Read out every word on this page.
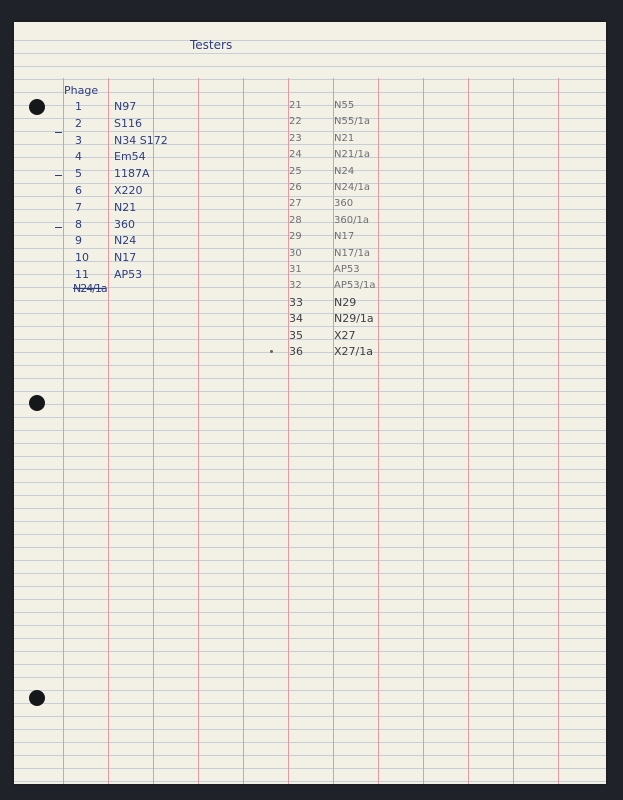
Testers
Phage
1	N97
2	S116
3	N34 S172
4	Em54
5	1187A
6	X220
7	N21
8	360
9	N24
10 N17
11 AP53
N24/1a
21	N55
22	N55/1a
23	N21
24	N21/1a
25	N24
26	N24/1a
27	360
28	360/1a
29	N17
30	N17/1a
31	AP53
32	AP53/1a
33	N29
34	N29/1a
35	X27
36	X27/1a
